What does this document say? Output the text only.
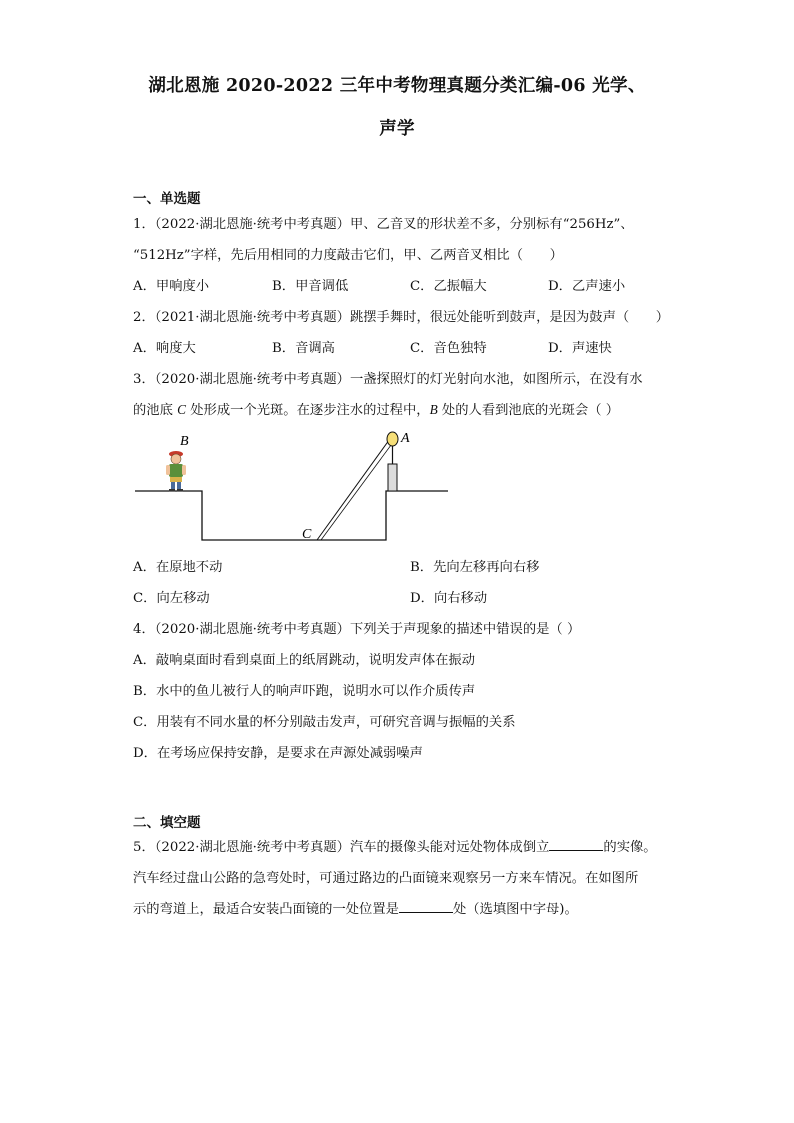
湖北恩施 2020-2022 三年中考物理真题分类汇编-06 光学、
声学
一、单选题
1．（2022·湖北恩施·统考中考真题）甲、乙音叉的形状差不多，分别标有“256Hz”、
“512Hz”字样，先后用相同的力度敲击它们，甲、乙两音叉相比（　　）
A．甲响度小	B．甲音调低	C．乙振幅大	D．乙声速小
2．（2021·湖北恩施·统考中考真题）跳摆手舞时，很远处能听到鼓声，是因为鼓声（　　）
A．响度大	B．音调高	C．音色独特	D．声速快
3．（2020·湖北恩施·统考中考真题）一盏探照灯的灯光射向水池，如图所示，在没有水
的池底 C 处形成一个光斑。在逐步注水的过程中，B 处的人看到池底的光斑会（ ）
A
B
C
A．在原地不动	B．先向左移再向右移
C．向左移动	D．向右移动
4．（2020·湖北恩施·统考中考真题）下列关于声现象的描述中错误的是（ ）
A．敲响桌面时看到桌面上的纸屑跳动，说明发声体在振动
B．水中的鱼儿被行人的响声吓跑，说明水可以作介质传声
C．用装有不同水量的杯分别敲击发声，可研究音调与振幅的关系
D．在考场应保持安静，是要求在声源处减弱噪声
二、填空题
5．（2022·湖北恩施·统考中考真题）汽车的摄像头能对远处物体成倒立	的实像。
汽车经过盘山公路的急弯处时，可通过路边的凸面镜来观察另一方来车情况。在如图所
示的弯道上，最适合安装凸面镜的一处位置是	处（选填图中字母)。
